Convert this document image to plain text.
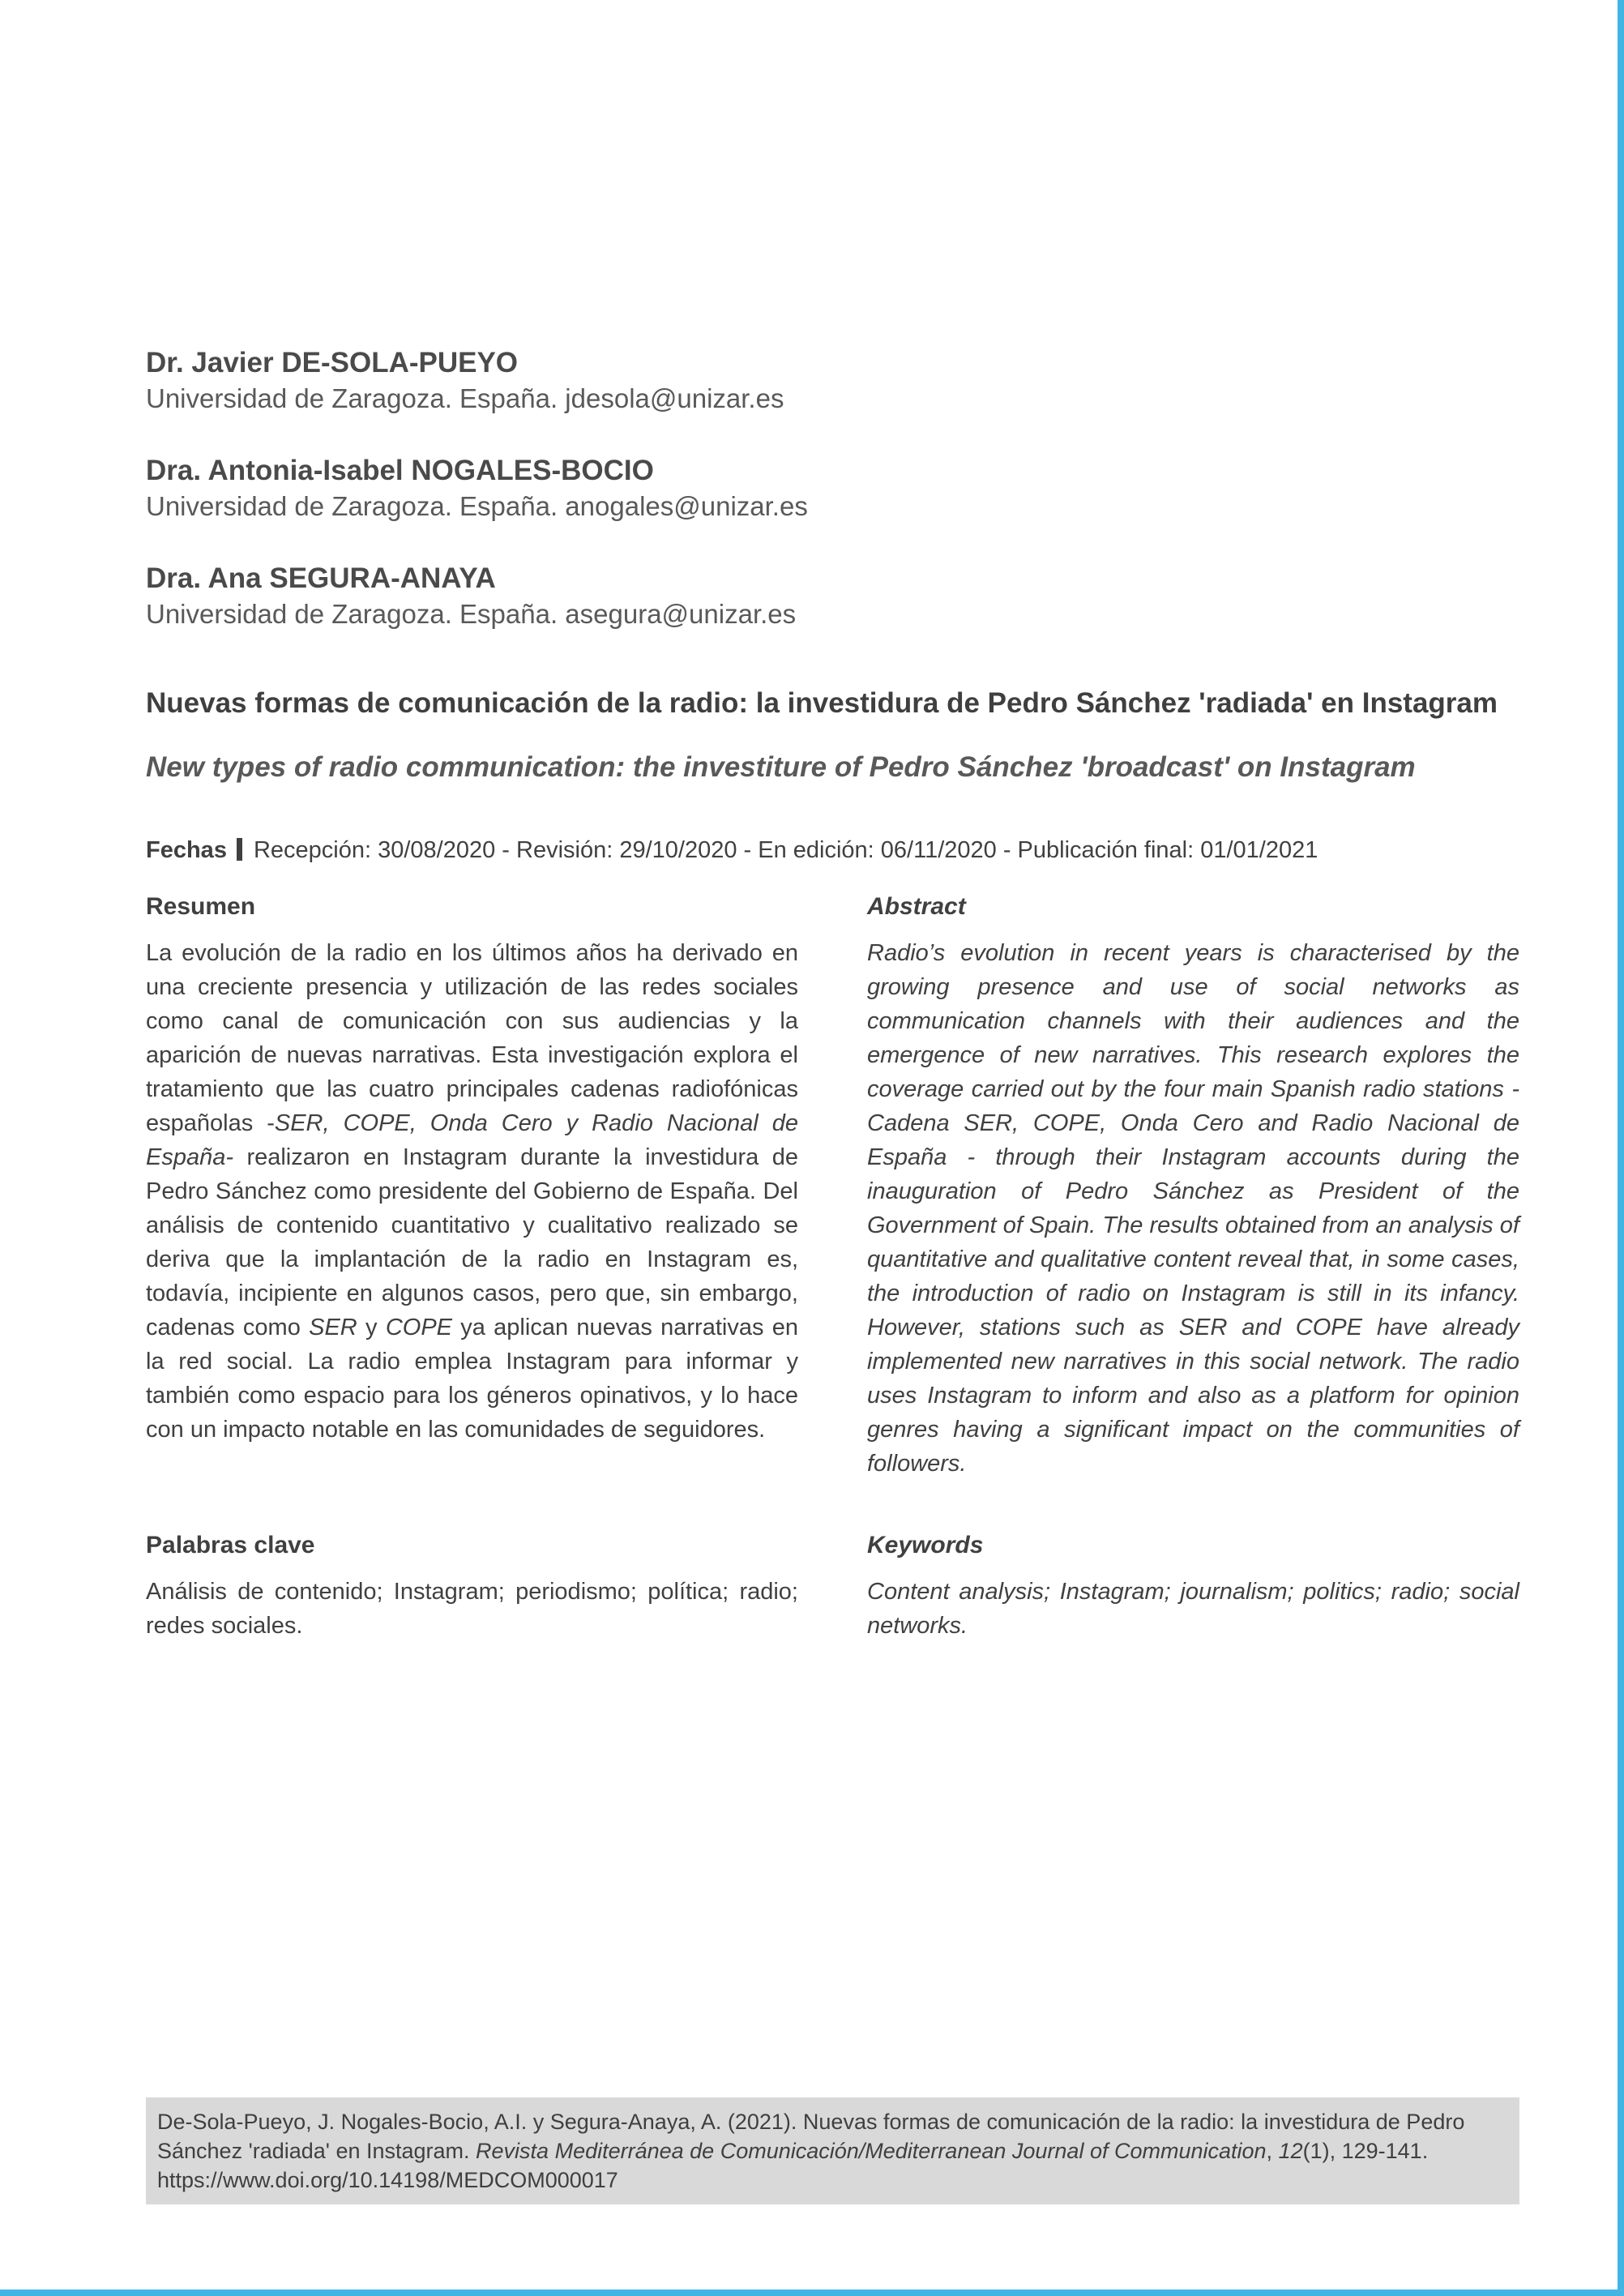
Dr. Javier DE-SOLA-PUEYO
Universidad de Zaragoza. España. jdesola@unizar.es
Dra. Antonia-Isabel NOGALES-BOCIO
Universidad de Zaragoza. España. anogales@unizar.es
Dra. Ana SEGURA-ANAYA
Universidad de Zaragoza. España. asegura@unizar.es
Nuevas formas de comunicación de la radio: la investidura de Pedro Sánchez 'radiada' en Instagram
New types of radio communication: the investiture of Pedro Sánchez 'broadcast' on Instagram
Fechas Recepción: 30/08/2020 - Revisión: 29/10/2020 - En edición: 06/11/2020 - Publicación final: 01/01/2021
Resumen	Abstract
La evolución de la radio en los últimos años ha derivado en una creciente presencia y utilización de las redes sociales como canal de comunicación con sus audiencias y la aparición de nuevas narrativas. Esta investigación explora el tratamiento que las cuatro principales cadenas radiofónicas españolas -SER, COPE, Onda Cero y Radio Nacional de España- realizaron en Instagram durante la investidura de Pedro Sánchez como presidente del Gobierno de España. Del análisis de contenido cuantitativo y cualitativo realizado se deriva que la implantación de la radio en Instagram es, todavía, incipiente en algunos casos, pero que, sin embargo, cadenas como SER y COPE ya aplican nuevas narrativas en la red social. La radio emplea Instagram para informar y también como espacio para los géneros opinativos, y lo hace con un impacto notable en las comunidades de seguidores.
Radio’s evolution in recent years is characterised by the growing presence and use of social networks as communication channels with their audiences and the emergence of new narratives. This research explores the coverage carried out by the four main Spanish radio stations - Cadena SER, COPE, Onda Cero and Radio Nacional de España - through their Instagram accounts during the inauguration of Pedro Sánchez as President of the Government of Spain. The results obtained from an analysis of quantitative and qualitative content reveal that, in some cases, the introduction of radio on Instagram is still in its infancy. However, stations such as SER and COPE have already implemented new narratives in this social network. The radio uses Instagram to inform and also as a platform for opinion genres having a significant impact on the communities of followers.
Palabras clave	Keywords
Análisis de contenido; Instagram; periodismo; política; radio; redes sociales.
Content analysis; Instagram; journalism; politics; radio; social networks.
De-Sola-Pueyo, J. Nogales-Bocio, A.I. y Segura-Anaya, A. (2021). Nuevas formas de comunicación de la radio: la investidura de Pedro Sánchez 'radiada' en Instagram. Revista Mediterránea de Comunicación/Mediterranean Journal of Communication, 12(1), 129-141. https://www.doi.org/10.14198/MEDCOM000017
